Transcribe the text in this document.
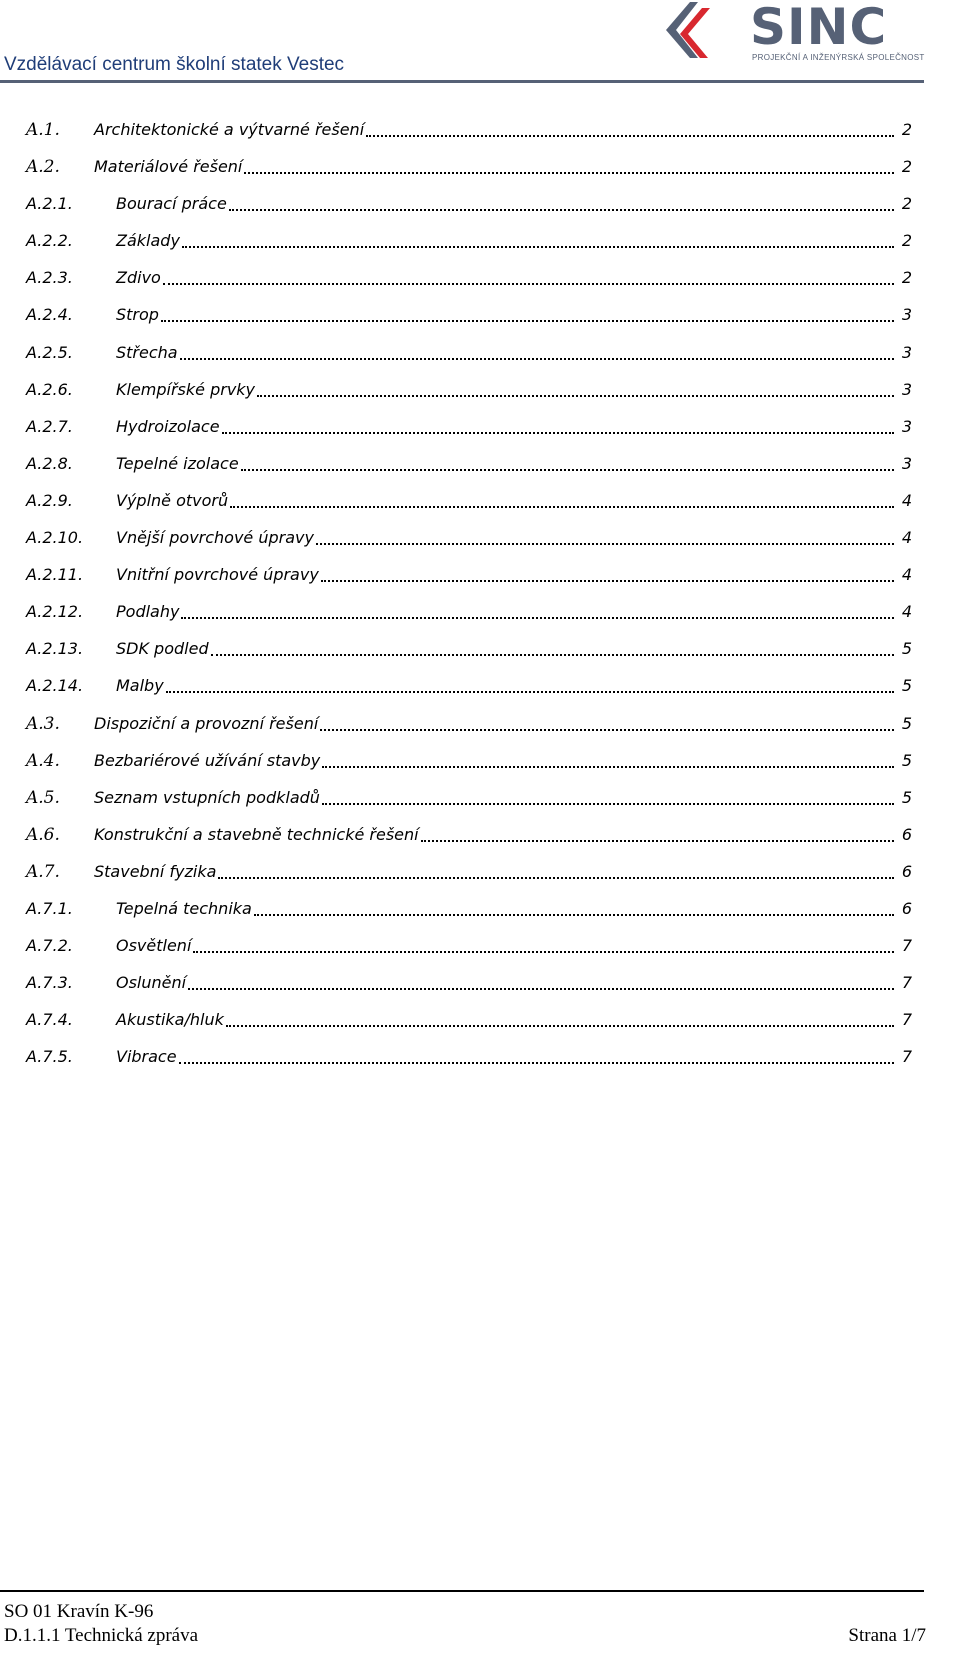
Vzdělávací centrum školní statek Vestec
SINC
PROJEKČNÍ A INŽENÝRSKÁ SPOLEČNOST
A.1. Architektonické a výtvarné řešení	2
A.2. Materiálové řešení	2
A.2.1.	Bourací práce	2
A.2.2.	Základy	2
A.2.3.	Zdivo	2
A.2.4.	Strop	3
A.2.5.	Střecha	3
A.2.6.	Klempířské prvky	3
A.2.7.	Hydroizolace	3
A.2.8.	Tepelné izolace	3
A.2.9.	Výplně otvorů	4
A.2.10. Vnější povrchové úpravy	4
A.2.11. Vnitřní povrchové úpravy	4
A.2.12. Podlahy	4
A.2.13. SDK podled	5
A.2.14. Malby	5
A.3. Dispoziční a provozní řešení	5
A.4. Bezbariérové užívání stavby	5
A.5. Seznam vstupních podkladů	5
A.6. Konstrukční a stavebně technické řešení	6
A.7. Stavební fyzika	6
A.7.1.	Tepelná technika	6
A.7.2.	Osvětlení	7
A.7.3.	Oslunění	7
A.7.4.	Akustika/hluk	7
A.7.5.	Vibrace	7
SO 01 Kravín K-96
D.1.1.1 Technická zpráva	Strana 1/7
